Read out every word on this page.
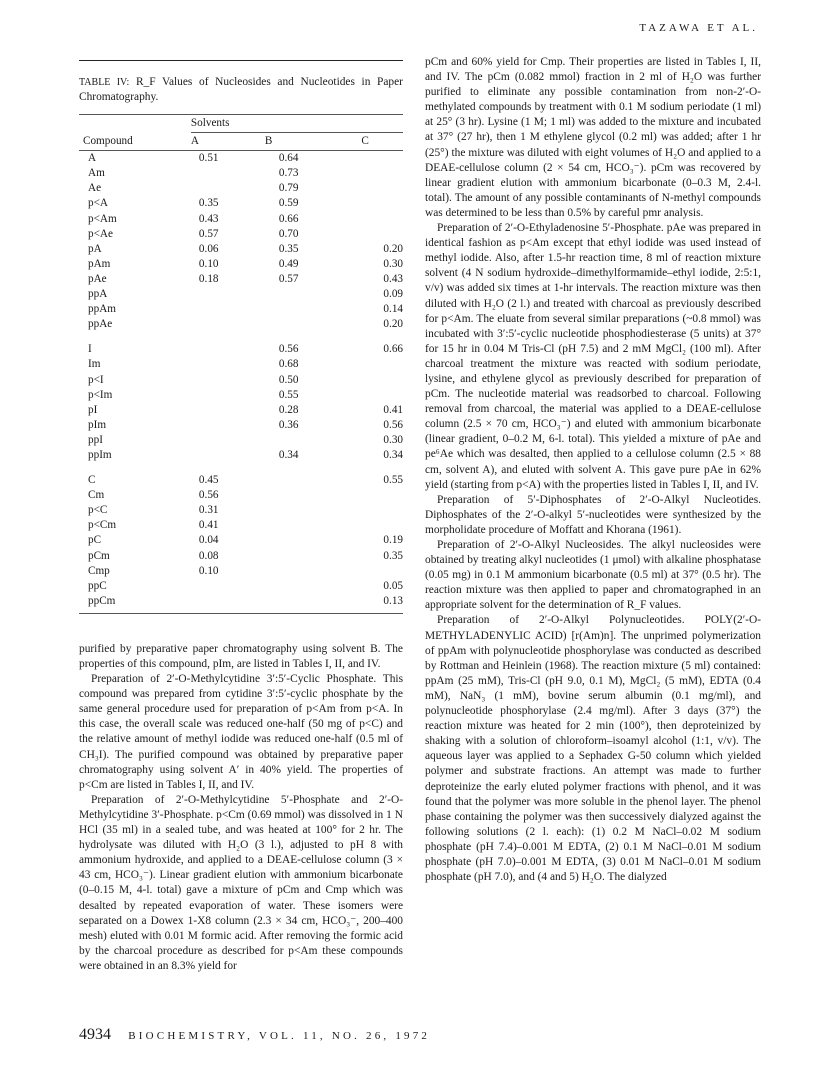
TAZAWA ET AL.
TABLE IV: R_F Values of Nucleosides and Nucleotides in Paper Chromatography.
	Solvents		
Compound	A	B	C
A	0.51	0.64	
Am		0.73	
Ae		0.79	
p<A	0.35	0.59	
p<Am	0.43	0.66	
p<Ae	0.57	0.70	
pA	0.06	0.35	0.20
pAm	0.10	0.49	0.30
pAe	0.18	0.57	0.43
ppA			0.09
ppAm			0.14
ppAe			0.20

I		0.56	0.66
Im		0.68	
p<I		0.50	
p<Im		0.55	
pI		0.28	0.41
pIm		0.36	0.56
ppI			0.30
ppIm		0.34	0.34

C	0.45		0.55
Cm	0.56		
p<C	0.31		
p<Cm	0.41		
pC	0.04		0.19
pCm	0.08		0.35
Cmp	0.10		
ppC			0.05
ppCm			0.13

purified by preparative paper chromatography using solvent B. The properties of this compound, pIm, are listed in Tables I, II, and IV.

Preparation of 2′-O-Methylcytidine 3′:5′-Cyclic Phosphate. This compound was prepared from cytidine 3′:5′-cyclic phosphate by the same general procedure used for preparation of p<Am from p<A. In this case, the overall scale was reduced one-half (50 mg of p<C) and the relative amount of methyl iodide was reduced one-half (0.5 ml of CH₃I). The purified compound was obtained by preparative paper chromatography using solvent A′ in 40% yield. The properties of p<Cm are listed in Tables I, II, and IV.

Preparation of 2′-O-Methylcytidine 5′-Phosphate and 2′-O-Methylcytidine 3′-Phosphate. p<Cm (0.69 mmol) was dissolved in 1 N HCl (35 ml) in a sealed tube, and was heated at 100° for 2 hr. The hydrolysate was diluted with H₂O (3 l.), adjusted to pH 8 with ammonium hydroxide, and applied to a DEAE-cellulose column (3 × 43 cm, HCO₃⁻). Linear gradient elution with ammonium bicarbonate (0–0.15 M, 4-l. total) gave a mixture of pCm and Cmp which was desalted by repeated evaporation of water. These isomers were separated on a Dowex 1-X8 column (2.3 × 34 cm, HCO₃⁻, 200–400 mesh) eluted with 0.01 M formic acid. After removing the formic acid by the charcoal procedure as described for p<Am these compounds were obtained in an 8.3% yield for

pCm and 60% yield for Cmp. Their properties are listed in Tables I, II, and IV. The pCm (0.082 mmol) fraction in 2 ml of H₂O was further purified to eliminate any possible contamination from non-2′-O-methylated compounds by treatment with 0.1 M sodium periodate (1 ml) at 25° (3 hr). Lysine (1 M; 1 ml) was added to the mixture and incubated at 37° (27 hr), then 1 M ethylene glycol (0.2 ml) was added; after 1 hr (25°) the mixture was diluted with eight volumes of H₂O and applied to a DEAE-cellulose column (2 × 54 cm, HCO₃⁻). pCm was recovered by linear gradient elution with ammonium bicarbonate (0–0.3 M, 2.4-l. total). The amount of any possible contaminants of N-methyl compounds was determined to be less than 0.5% by careful pmr analysis.

Preparation of 2′-O-Ethyladenosine 5′-Phosphate. pAe was prepared in identical fashion as p<Am except that ethyl iodide was used instead of methyl iodide. Also, after 1.5-hr reaction time, 8 ml of reaction mixture solvent (4 N sodium hydroxide–dimethylformamide–ethyl iodide, 2:5:1, v/v) was added six times at 1-hr intervals. The reaction mixture was then diluted with H₂O (2 l.) and treated with charcoal as previously described for p<Am. The eluate from several similar preparations (~0.8 mmol) was incubated with 3′:5′-cyclic nucleotide phosphodiesterase (5 units) at 37° for 15 hr in 0.04 M Tris-Cl (pH 7.5) and 2 mM MgCl₂ (100 ml). After charcoal treatment the mixture was reacted with sodium periodate, lysine, and ethylene glycol as previously described for preparation of pCm. The nucleotide material was readsorbed to charcoal. Following removal from charcoal, the material was applied to a DEAE-cellulose column (2.5 × 70 cm, HCO₃⁻) and eluted with ammonium bicarbonate (linear gradient, 0–0.2 M, 6-l. total). This yielded a mixture of pAe and pe⁶Ae which was desalted, then applied to a cellulose column (2.5 × 88 cm, solvent A), and eluted with solvent A. This gave pure pAe in 62% yield (starting from p<A) with the properties listed in Tables I, II, and IV.

Preparation of 5′-Diphosphates of 2′-O-Alkyl Nucleotides. Diphosphates of the 2′-O-alkyl 5′-nucleotides were synthesized by the morpholidate procedure of Moffatt and Khorana (1961).

Preparation of 2′-O-Alkyl Nucleosides. The alkyl nucleosides were obtained by treating alkyl nucleotides (1 μmol) with alkaline phosphatase (0.05 mg) in 0.1 M ammonium bicarbonate (0.5 ml) at 37° (0.5 hr). The reaction mixture was then applied to paper and chromatographed in an appropriate solvent for the determination of R_F values.

Preparation of 2′-O-Alkyl Polynucleotides. POLY(2′-O-METHYLADENYLIC ACID) [r(Am)n]. The unprimed polymerization of ppAm with polynucleotide phosphorylase was conducted as described by Rottman and Heinlein (1968). The reaction mixture (5 ml) contained: ppAm (25 mM), Tris-Cl (pH 9.0, 0.1 M), MgCl₂ (5 mM), EDTA (0.4 mM), NaN₃ (1 mM), bovine serum albumin (0.1 mg/ml), and polynucleotide phosphorylase (2.4 mg/ml). After 3 days (37°) the reaction mixture was heated for 2 min (100°), then deproteinized by shaking with a solution of chloroform–isoamyl alcohol (1:1, v/v). The aqueous layer was applied to a Sephadex G-50 column which yielded polymer and substrate fractions. An attempt was made to further deproteinize the early eluted polymer fractions with phenol, and it was found that the polymer was more soluble in the phenol layer. The phenol phase containing the polymer was then successively dialyzed against the following solutions (2 l. each): (1) 0.2 M NaCl–0.02 M sodium phosphate (pH 7.4)–0.001 M EDTA, (2) 0.1 M NaCl–0.01 M sodium phosphate (pH 7.0)–0.001 M EDTA, (3) 0.01 M NaCl–0.01 M sodium phosphate (pH 7.0), and (4 and 5) H₂O. The dialyzed

4934 BIOCHEMISTRY, VOL. 11, NO. 26, 1972
